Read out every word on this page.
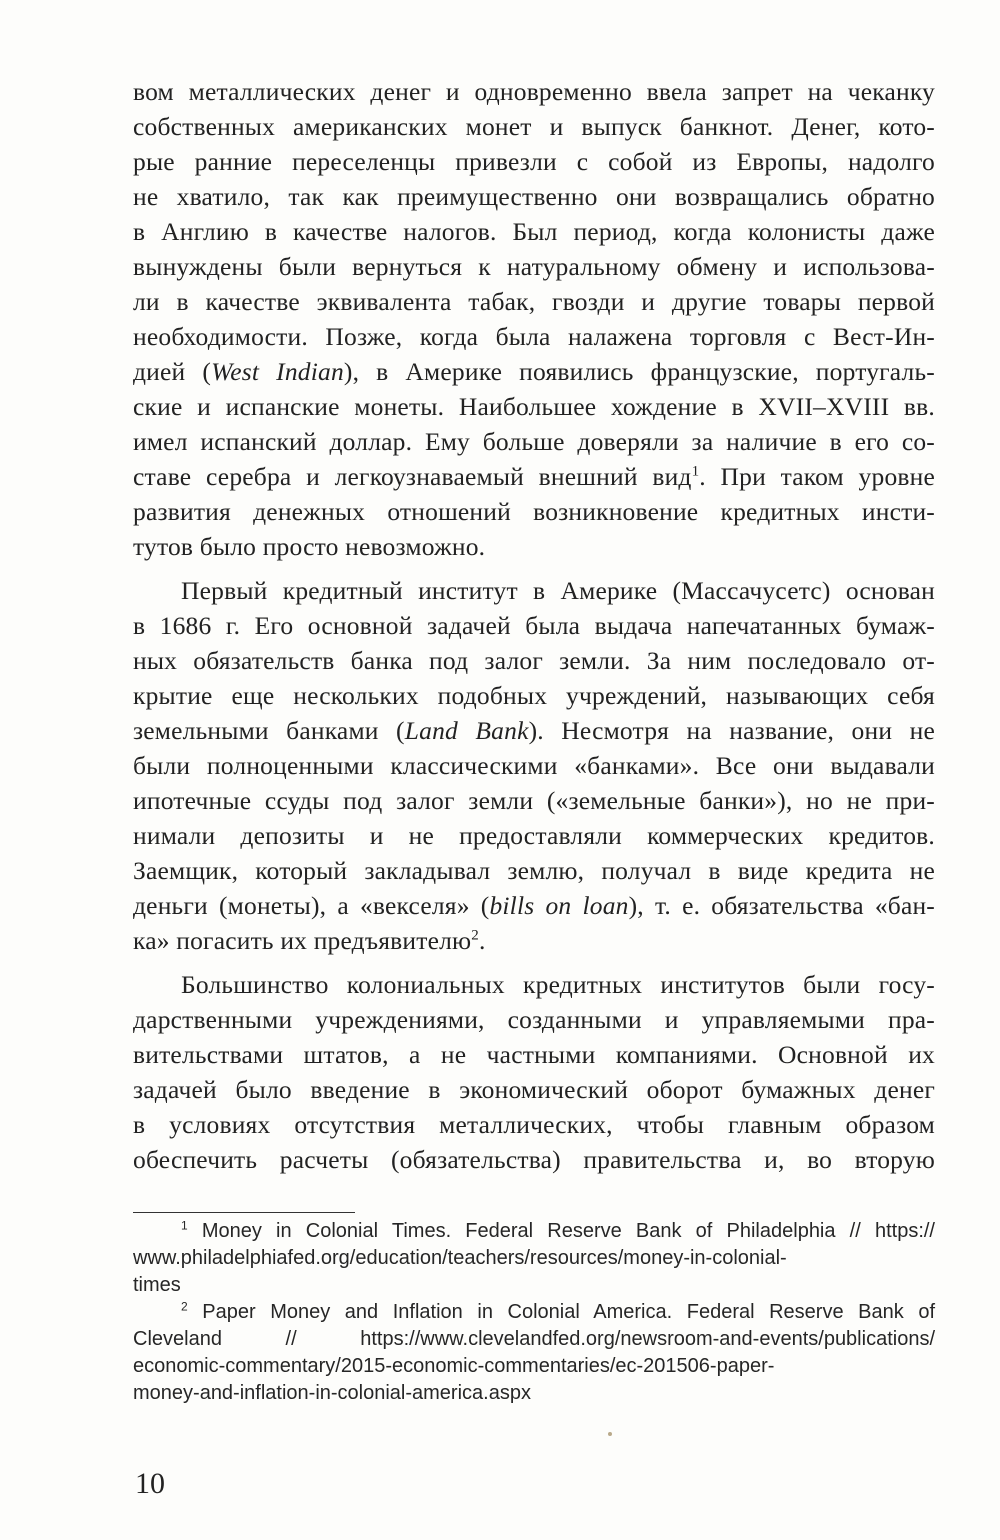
вом металлических денег и одновременно ввела запрет на чеканку
собственных американских монет и выпуск банкнот. Денег, кото-
рые ранние переселенцы привезли с собой из Европы, надолго
не хватило, так как преимущественно они возвращались обратно
в Англию в качестве налогов. Был период, когда колонисты даже
вынуждены были вернуться к натуральному обмену и использова-
ли в качестве эквивалента табак, гвозди и другие товары первой
необходимости. Позже, когда была налажена торговля с Вест-Ин-
дией (West Indian), в Америке появились французские, португаль-
ские и испанские монеты. Наибольшее хождение в XVII–XVIII вв.
имел испанский доллар. Ему больше доверяли за наличие в его со-
ставе серебра и легкоузнаваемый внешний вид$^1$. При таком уровне
развития денежных отношений возникновение кредитных инсти-
тутов было просто невозможно.
Первый кредитный институт в Америке (Массачусетс) основан
в 1686 г. Его основной задачей была выдача напечатанных бумаж-
ных обязательств банка под залог земли. За ним последовало от-
крытие еще нескольких подобных учреждений, называющих себя
земельными банками (Land Bank). Несмотря на название, они не
были полноценными классическими «банками». Все они выдавали
ипотечные ссуды под залог земли («земельные банки»), но не при-
нимали депозиты и не предоставляли коммерческих кредитов.
Заемщик, который закладывал землю, получал в виде кредита не
деньги (монеты), а «векселя» (bills on loan), т. е. обязательства «бан-
ка» погасить их предъявителю$^2$.
Большинство колониальных кредитных институтов были госу-
дарственными учреждениями, созданными и управляемыми пра-
вительствами штатов, а не частными компаниями. Основной их
задачей было введение в экономический оборот бумажных денег
в условиях отсутствия металлических, чтобы главным образом
обеспечить расчеты (обязательства) правительства и, во вторую
$^1$ Money in Colonial Times. Federal Reserve Bank of Philadelphia // https://
www.philadelphiafed.org/education/teachers/resources/money-in-colonial-
times
$^2$ Paper Money and Inflation in Colonial America. Federal Reserve Bank of
Cleveland // https://www.clevelandfed.org/newsroom-and-events/publications/
economic-commentary/2015-economic-commentaries/ec-201506-paper-
money-and-inflation-in-colonial-america.aspx
10
